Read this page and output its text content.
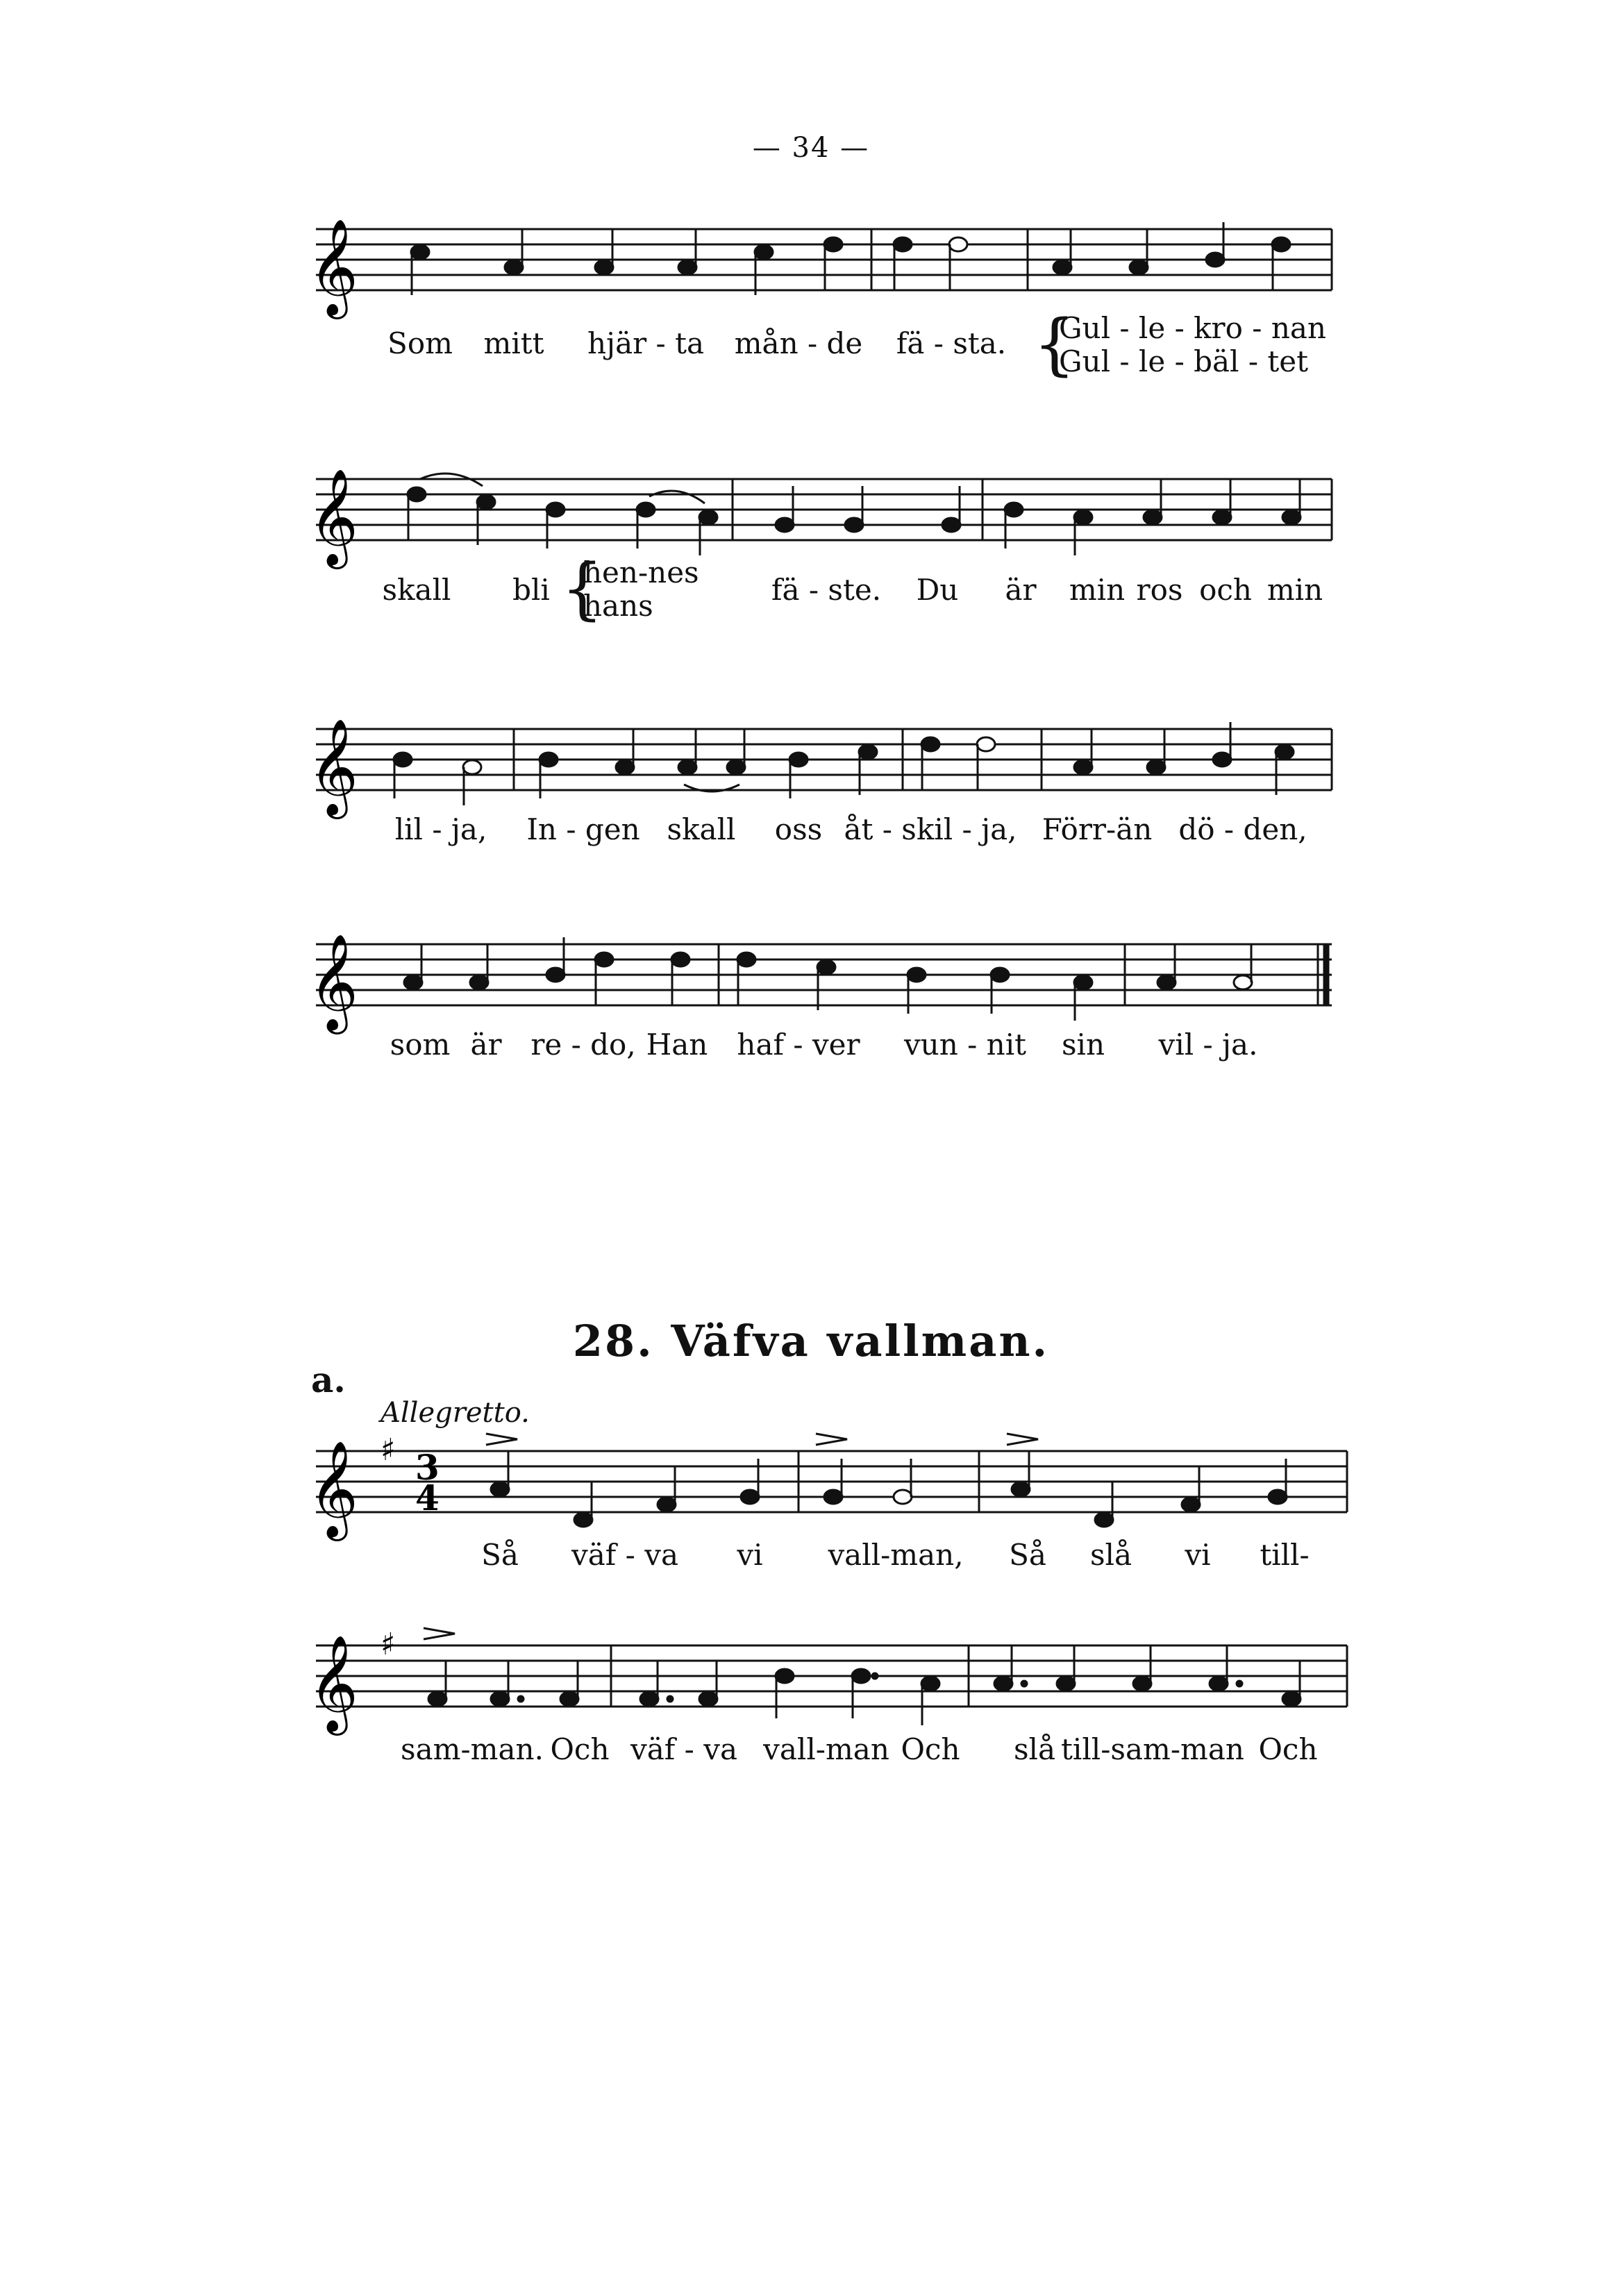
— 34 —
𝄞
Som mitt hjär - ta mån - de fä - sta. {
Gul - le - kro - nan
Gul - le - bäl - tet
𝄞
skall bli {
hen-nes
hans	fä - ste. Du är min ros och min
𝄞
lil - ja, In - gen skall oss åt - skil - ja, Förr-än dö - den,
𝄞
som är re - do, Han haf - ver vun - nit sin vil - ja.
28. Väfva vallman.
a.
Allegretto.
𝄞 ♯ 3
4
Så väf - va vi vall-man, Så slå vi till-
𝄞 ♯
sam-man. Och väf - va vall-man Och slå till-sam-man Och
